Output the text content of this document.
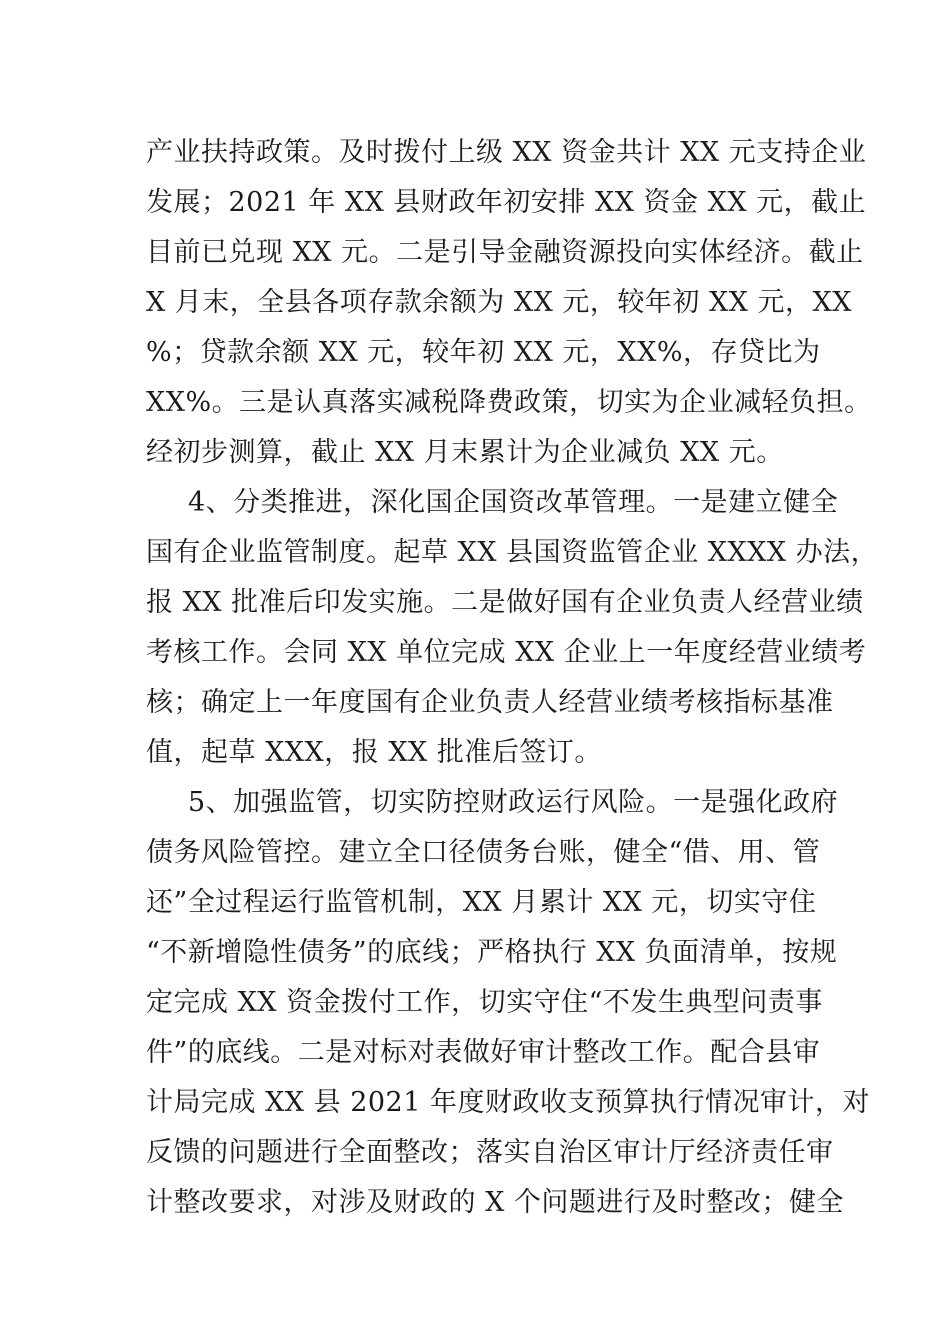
产业扶持政策。及时拨付上级 XX 资金共计 XX 元支持企业
发展；2021 年 XX 县财政年初安排 XX 资金 XX 元，截止
目前已兑现 XX 元。二是引导金融资源投向实体经济。截止
X 月末，全县各项存款余额为 XX 元，较年初 XX 元，XX
%；贷款余额 XX 元，较年初 XX 元，XX%，存贷比为
XX%。三是认真落实减税降费政策，切实为企业减轻负担。
经初步测算，截止 XX 月末累计为企业减负 XX 元。
4、分类推进，深化国企国资改革管理。一是建立健全
国有企业监管制度。起草 XX 县国资监管企业 XXXX 办法，
报 XX 批准后印发实施。二是做好国有企业负责人经营业绩
考核工作。会同 XX 单位完成 XX 企业上一年度经营业绩考
核；确定上一年度国有企业负责人经营业绩考核指标基准
值，起草 XXX，报 XX 批准后签订。
5、加强监管，切实防控财政运行风险。一是强化政府
债务风险管控。建立全口径债务台账，健全“借、用、管
还”全过程运行监管机制，XX 月累计 XX 元，切实守住
“不新增隐性债务”的底线；严格执行 XX 负面清单，按规
定完成 XX 资金拨付工作，切实守住“不发生典型问责事
件”的底线。二是对标对表做好审计整改工作。配合县审
计局完成 XX 县 2021 年度财政收支预算执行情况审计，对
反馈的问题进行全面整改；落实自治区审计厅经济责任审
计整改要求，对涉及财政的 X 个问题进行及时整改；健全
